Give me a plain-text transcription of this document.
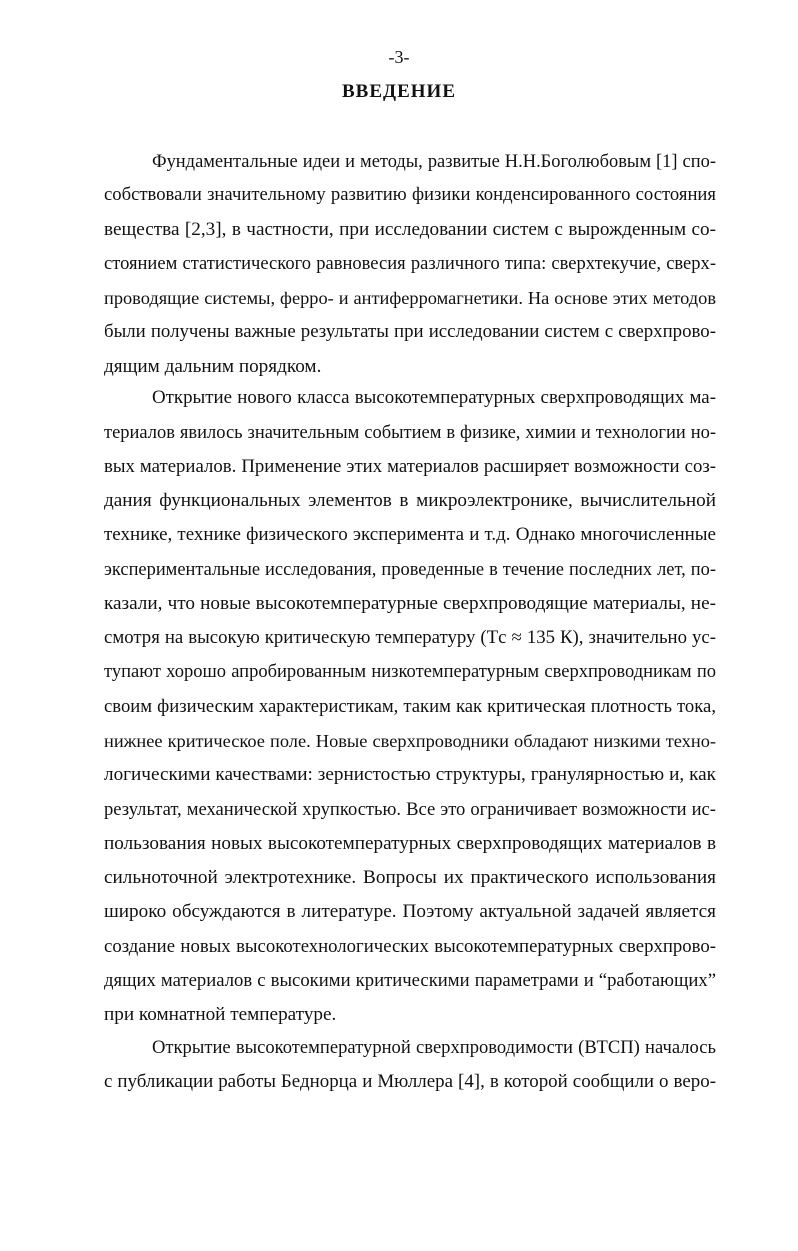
-3-
ВВЕДЕНИЕ
Фундаментальные идеи и методы, развитые Н.Н.Боголюбовым [1] спо-
собствовали значительному развитию физики конденсированного состояния
вещества [2,3], в частности, при исследовании систем с вырожденным со-
стоянием статистического равновесия различного типа: сверхтекучие, сверх-
проводящие системы, ферро- и антиферромагнетики. На основе этих методов
были получены важные результаты при исследовании систем с сверхпрово-
дящим дальним порядком.
Открытие нового класса высокотемпературных сверхпроводящих ма-
териалов явилось значительным событием в физике, химии и технологии но-
вых материалов. Применение этих материалов расширяет возможности соз-
дания функциональных элементов в микроэлектронике, вычислительной
технике, технике физического эксперимента и т.д. Однако многочисленные
экспериментальные исследования, проведенные в течение последних лет, по-
казали, что новые высокотемпературные сверхпроводящие материалы, не-
смотря на высокую критическую температуру (Tс ≈ 135 К), значительно ус-
тупают хорошо апробированным низкотемпературным сверхпроводникам по
своим физическим характеристикам, таким как критическая плотность тока,
нижнее критическое поле. Новые сверхпроводники обладают низкими техно-
логическими качествами: зернистостью структуры, гранулярностью и, как
результат, механической хрупкостью. Все это ограничивает возможности ис-
пользования новых высокотемпературных сверхпроводящих материалов в
сильноточной электротехнике. Вопросы их практического использования
широко обсуждаются в литературе. Поэтому актуальной задачей является
создание новых высокотехнологических высокотемпературных сверхпрово-
дящих материалов с высокими критическими параметрами и “работающих”
при комнатной температуре.
Открытие высокотемпературной сверхпроводимости (ВТСП) началось
с публикации работы Беднорца и Мюллера [4], в которой сообщили о веро-
